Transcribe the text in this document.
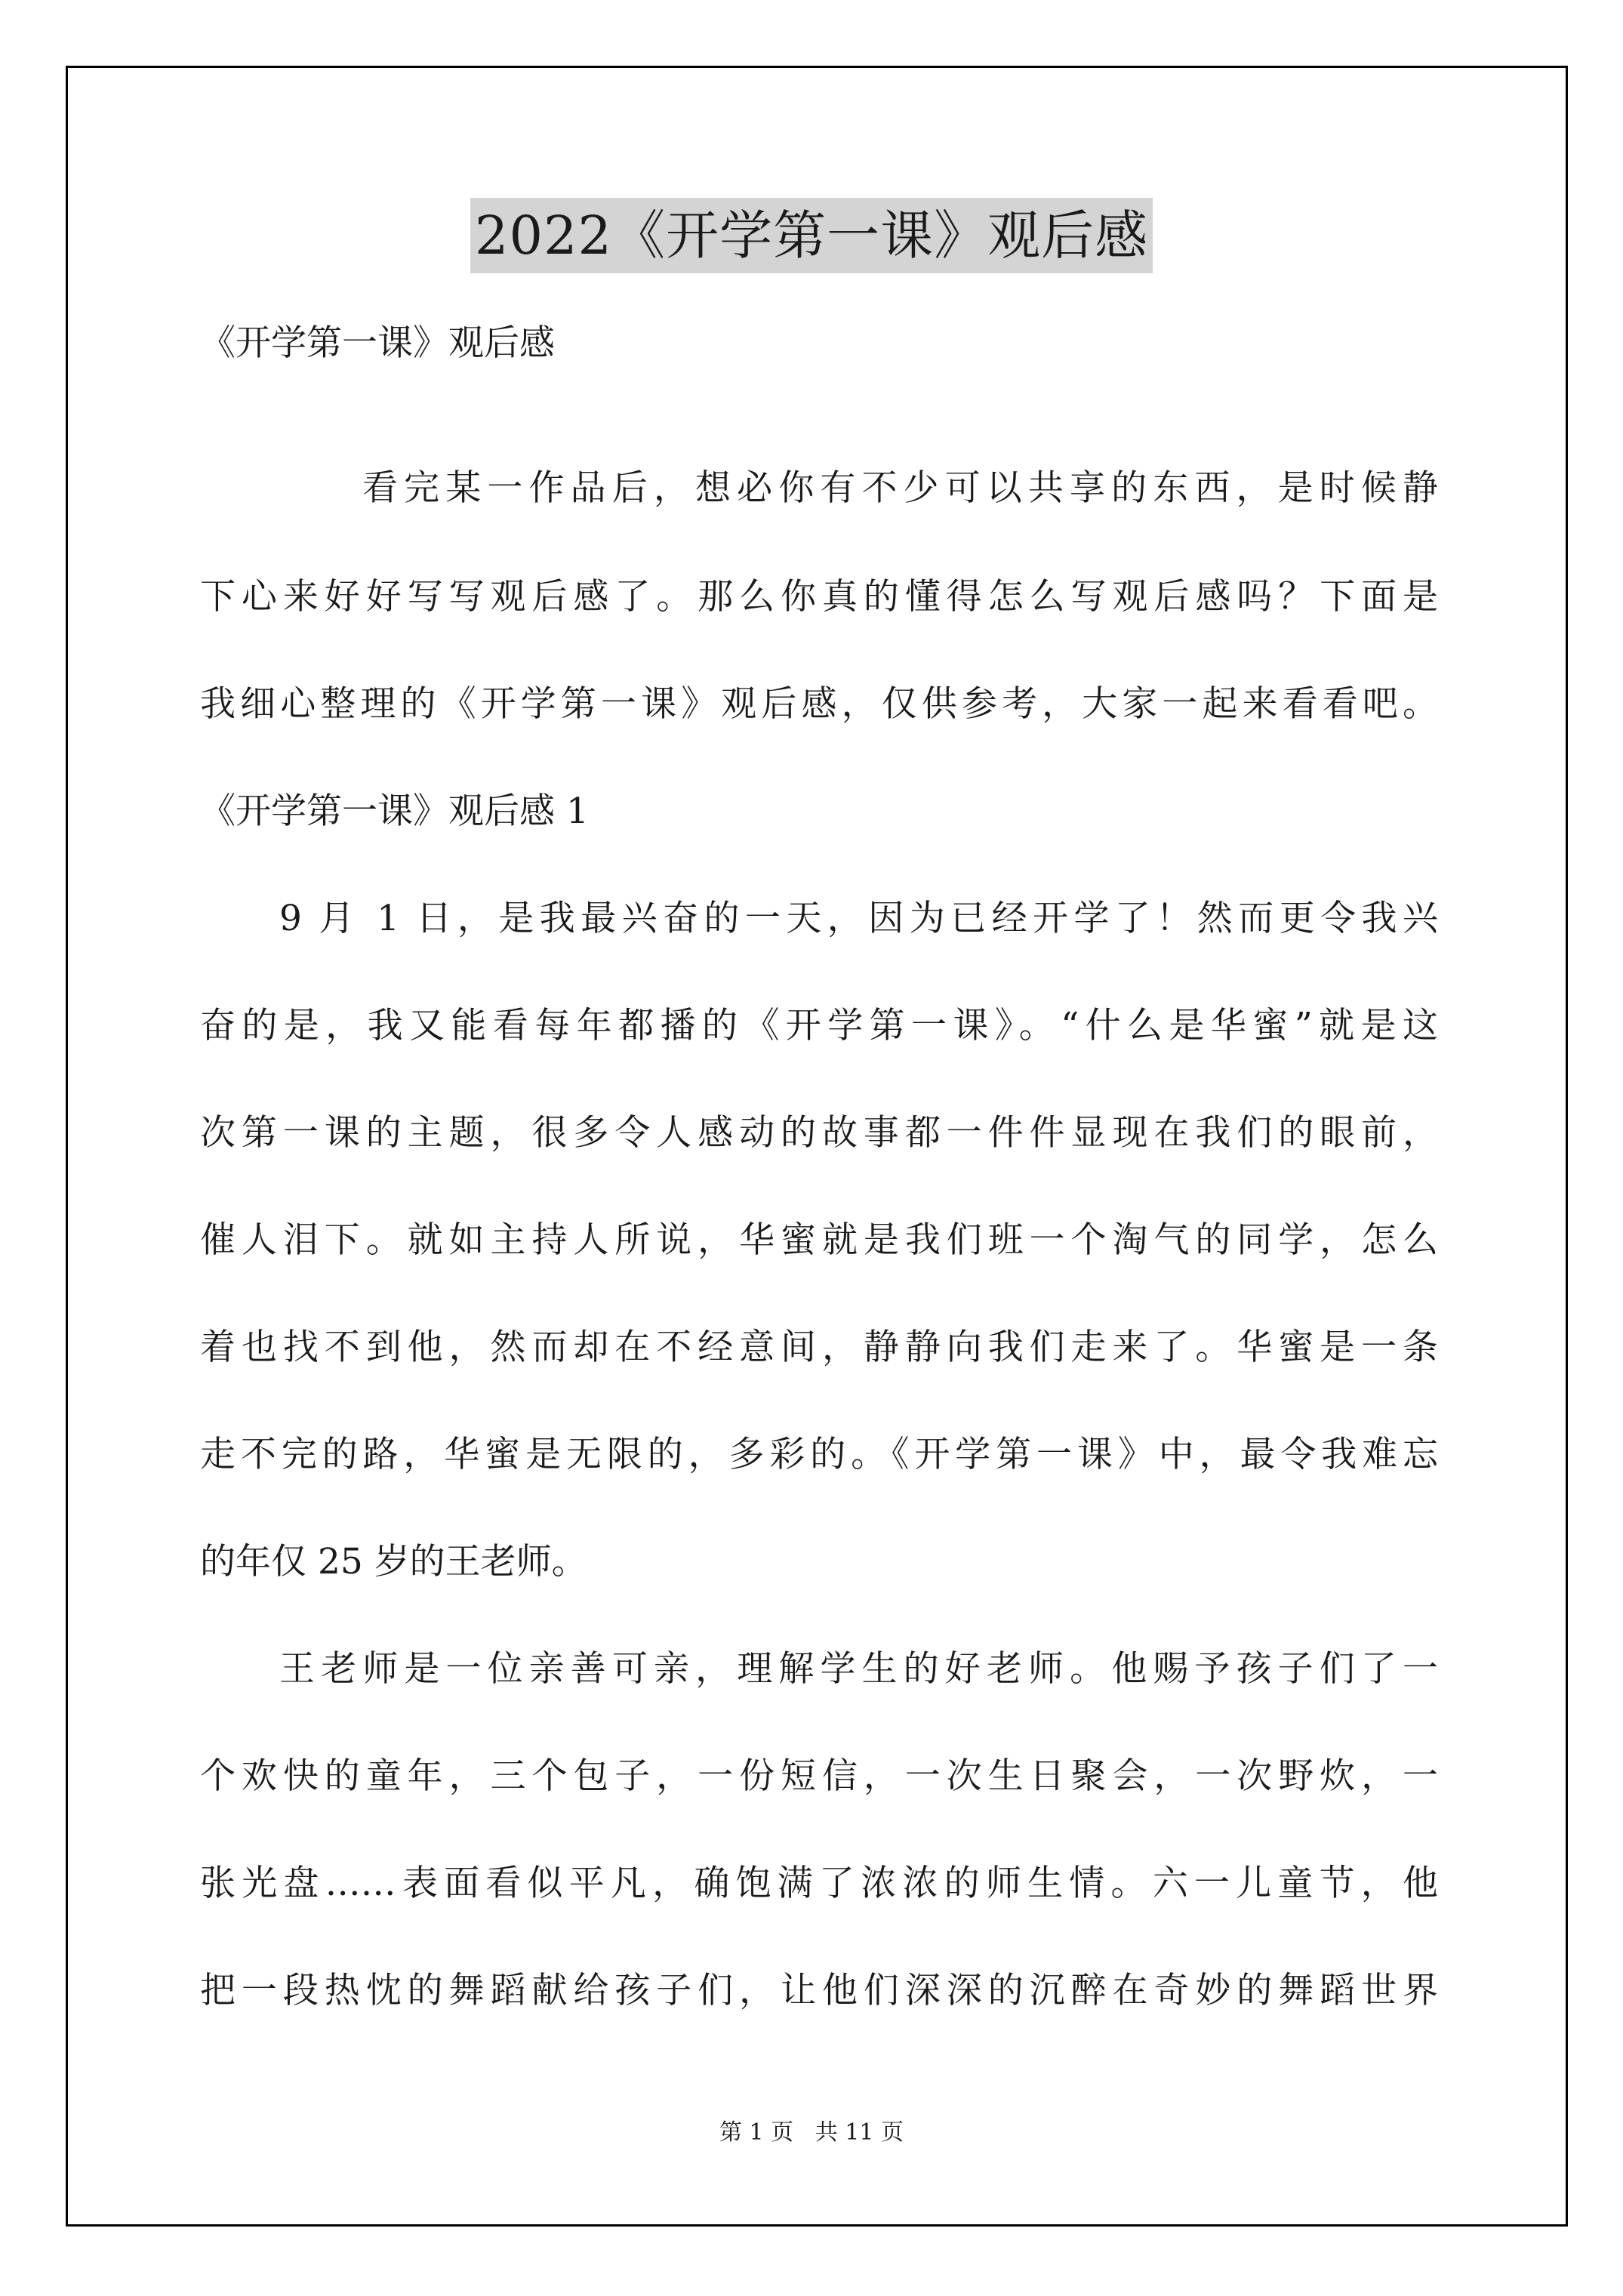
2022《开学第一课》观后感
《开学第一课》观后感
看完某一作品后，想必你有不少可以共享的东西，是时候静
下心来好好写写观后感了。那么你真的懂得怎么写观后感吗？下面是
我细心整理的《开学第一课》观后感，仅供参考，大家一起来看看吧。
《开学第一课》观后感 1
9 月 1 日，是我最兴奋的一天，因为已经开学了！然而更令我兴
奋的是，我又能看每年都播的《开学第一课》。“什么是华蜜”就是这
次第一课的主题，很多令人感动的故事都一件件显现在我们的眼前，
催人泪下。就如主持人所说，华蜜就是我们班一个淘气的同学，怎么
着也找不到他，然而却在不经意间，静静向我们走来了。华蜜是一条
走不完的路，华蜜是无限的，多彩的。《开学第一课》中，最令我难忘
的年仅 25 岁的王老师。
王老师是一位亲善可亲，理解学生的好老师。他赐予孩子们了一
个欢快的童年，三个包子，一份短信，一次生日聚会，一次野炊，一
张光盘……表面看似平凡，确饱满了浓浓的师生情。六一儿童节，他
把一段热忱的舞蹈献给孩子们，让他们深深的沉醉在奇妙的舞蹈世界
第 1 页   共 11 页
